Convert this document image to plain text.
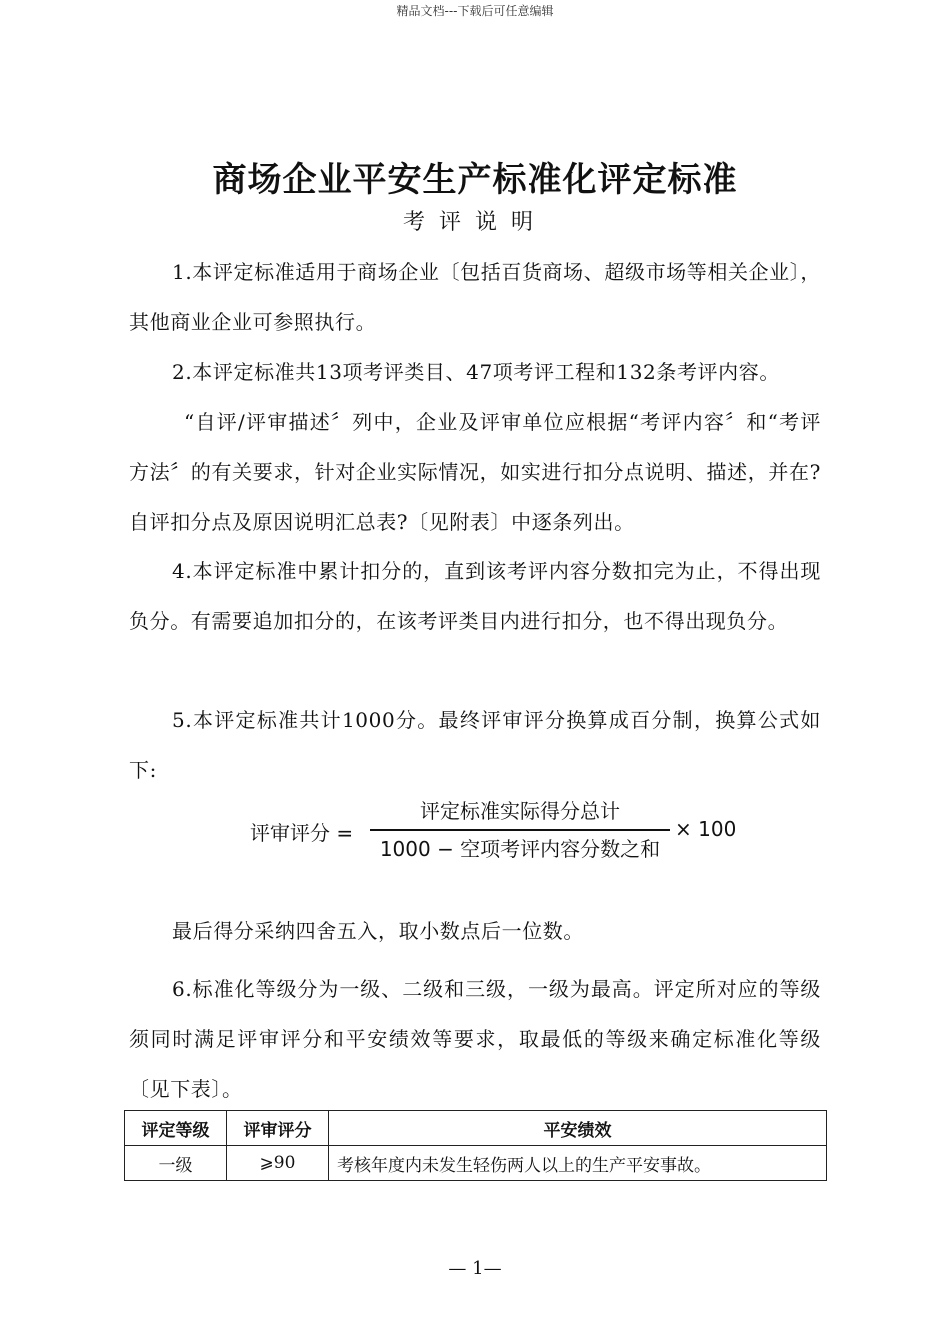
精品文档---下载后可任意编辑
商场企业平安生产标准化评定标准
考评说明
1.本评定标准适用于商场企业〔包括百货商场、超级市场等相关企业〕，其他商业企业可参照执行。
2.本评定标准共13项考评类目、47项考评工程和132条考评内容。
“自评/评审描述〞列中，企业及评审单位应根据“考评内容〞和“考评方法〞的有关要求，针对企业实际情况，如实进行扣分点说明、描述，并在?自评扣分点及原因说明汇总表?〔见附表〕中逐条列出。
4.本评定标准中累计扣分的，直到该考评内容分数扣完为止，不得出现负分。有需要追加扣分的，在该考评类目内进行扣分，也不得出现负分。
5.本评定标准共计1000分。最终评审评分换算成百分制，换算公式如下:
评审评分 =
评定标准实际得分总计
1000 − 空项考评内容分数之和
× 100
最后得分采纳四舍五入，取小数点后一位数。
6.标准化等级分为一级、二级和三级，一级为最高。评定所对应的等级须同时满足评审评分和平安绩效等要求，取最低的等级来确定标准化等级〔见下表〕。
评定等级	评审评分	平安绩效
一级	⩾90	考核年度内未发生轻伤两人以上的生产平安事故。
— 1—
